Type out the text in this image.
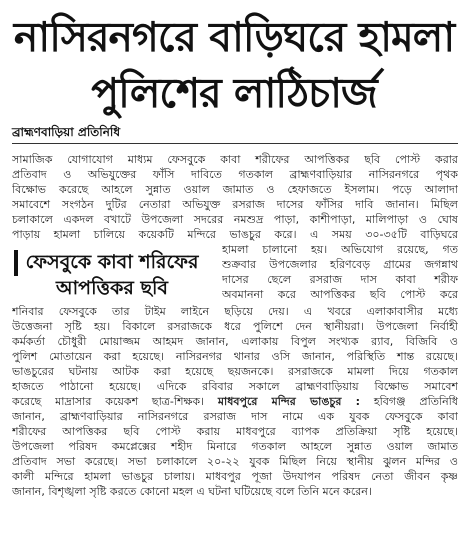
নাসিরনগরে বাড়িঘরে হামলা
পুলিশের লাঠিচার্জ
ব্রাহ্মণবাড়িয়া প্রতিনিধি
সামাজিক যোগাযোগ মাধ্যম ফেসবুকে কাবা শরীফের আপত্তিকর ছবি পোস্ট করার
প্রতিবাদ ও অভিযুক্তের ফাঁসি দাবিতে গতকাল ব্রাহ্মণবাড়িয়ার নাসিরনগরে পৃথক
বিক্ষোভ করেছে আহলে সুন্নাত ওয়াল জামাত ও হেফাজতে ইসলাম। পড়ে আলাদা
সমাবেশে সংগঠন দুটির নেতারা অভিযুক্ত রসরাজ দাসের ফাঁসির দাবি জানান। মিছিল
চলাকালে একদল বখাটে উপজেলা সদরের নমশুদ্র পাড়া, কাশীপাড়া, মালিপাড়া ও ঘোষ
পাড়ায় হামলা চালিয়ে কয়েকটি মন্দিরে ভাঙচুর করে। এ সময় ৩০-৩৫টি বাড়িঘরে
ফেসবুকে কাবা শরিফের
আপত্তিকর ছবি
হামলা চালানো হয়। অভিযোগ রয়েছে, গত
শুক্রবার উপজেলার হরিণবেড় গ্রামের জগন্নাথ
দাসের ছেলে রসরাজ দাস কাবা শরীফ
অবমাননা করে আপত্তিকর ছবি পোস্ট করে
শনিবার ফেসবুকে তার টাইম লাইনে ছড়িয়ে দেয়। এ খবরে এলাকাবাসীর মধ্যে
উত্তেজনা সৃষ্টি হয়। বিকালে রসরাজকে ধরে পুলিশে দেন স্থানীয়রা। উপজেলা নির্বাহী
কর্মকর্তা চৌধুরী মোয়াজ্জম আহমদ জানান, এলাকায় বিপুল সংখ্যক র‍্যাব, বিজিবি ও
পুলিশ মোতায়েন করা হয়েছে। নাসিরনগর থানার ওসি জানান, পরিস্থিতি শান্ত রয়েছে।
ভাঙচুরের ঘটনায় আটক করা হয়েছে ছয়জনকে। রসরাজকে মামলা দিয়ে গতকাল
হাজতে পাঠানো হয়েছে। এদিকে রবিবার সকালে ব্রাহ্মণবাড়িয়ায় বিক্ষোভ সমাবেশ
করেছে মাদ্রাসার কয়েকশ ছাত্র-শিক্ষক। মাধবপুরে মন্দির ভাঙচুর : হবিগঞ্জ প্রতিনিধি
জানান, ব্রাহ্মণবাড়িয়ার নাসিরনগরে রসরাজ দাস নামে এক যুবক ফেসবুকে কাবা
শরীফের আপত্তিকর ছবি পোস্ট করায় মাধবপুরে ব্যাপক প্রতিক্রিয়া সৃষ্টি হয়েছে।
উপজেলা পরিষদ কমপ্লেক্সের শহীদ মিনারে গতকাল আহলে সুন্নাত ওয়াল জামাত
প্রতিবাদ সভা করেছে। সভা চলাকালে ২০-২২ যুবক মিছিল নিয়ে স্থানীয় ঝুলন মন্দির ও
কালী মন্দিরে হামলা ভাঙচুর চালায়। মাধবপুর পূজা উদযাপন পরিষদ নেতা জীবন কৃষ্ণ
জানান, বিশৃঙ্খলা সৃষ্টি করতে কোনো মহল এ ঘটনা ঘটিয়েছে বলে তিনি মনে করেন।
